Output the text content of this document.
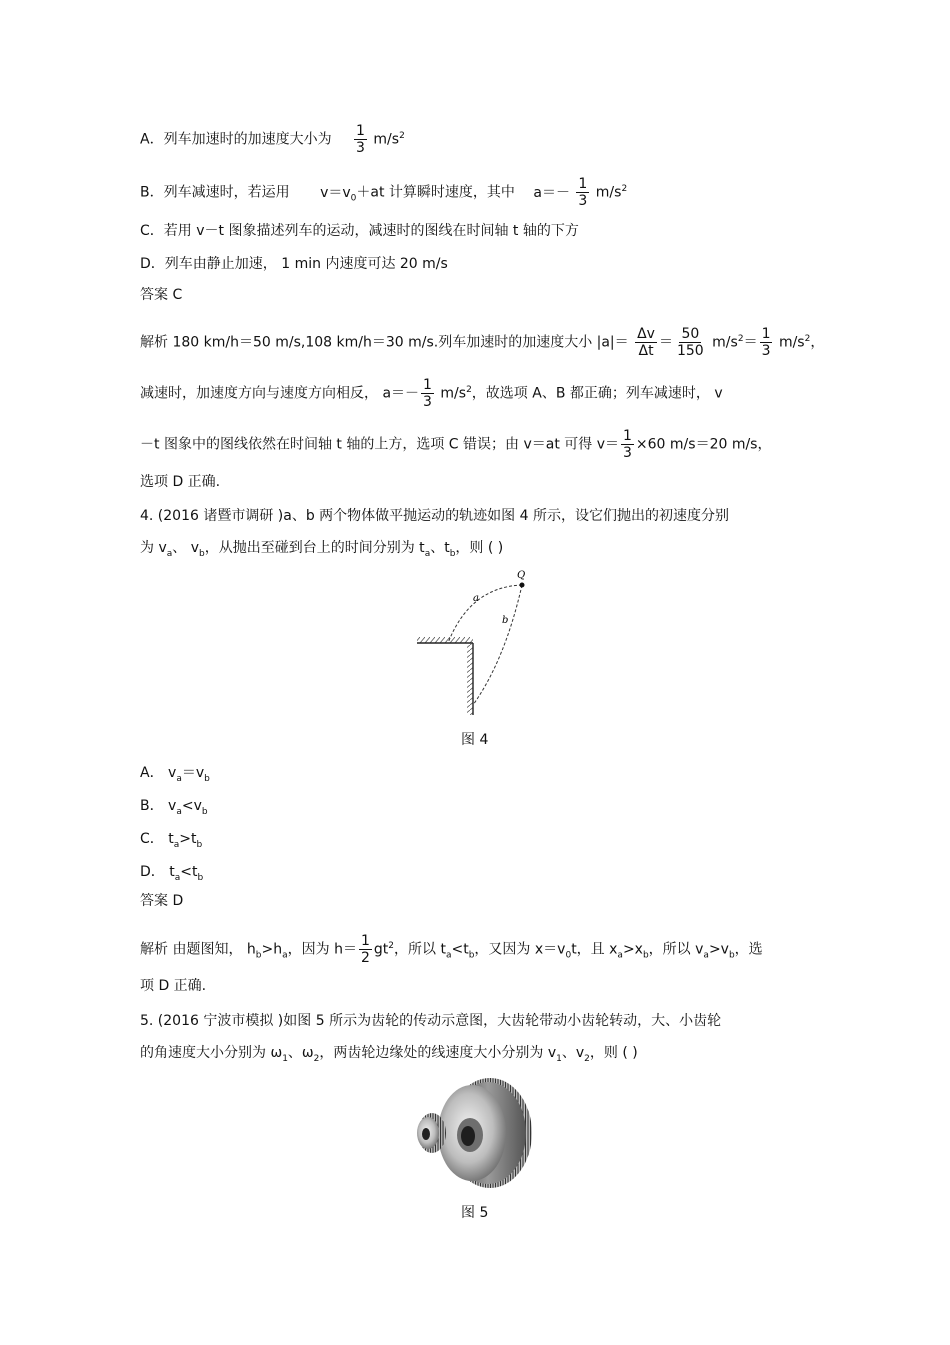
A．列车加速时的加速度大小为 $\frac{1}{3} m/s^2$
B．列车减速时，若运用 $v=v_0+at$ 计算瞬时速度，其中 $a=- \frac{1}{3} m/s^2$
C．若用 v－t 图象描述列车的运动，减速时的图线在时间轴 t 轴的下方
D．列车由静止加速， 1 min 内速度可达 20 m/s
答案 C
解析 180 km/h＝50 m/s,108 km/h＝30 m/s.列车加速时的加速度大小 $|a|= \frac{\Delta v}{\Delta t} = \frac{50}{150} m/s^2= \frac{1}{3} m/s^2$，
减速时，加速度方向与速度方向相反， $a=- \frac{1}{3} m/s^2$，故选项 A、B 都正确；列车减速时， v
－t 图象中的图线依然在时间轴 t 轴的上方，选项 C 错误；由 v＝at 可得 $v= \frac{1}{3} \times 60$ m/s＝20 m/s，
选项 D 正确.
4. (2016 诸暨市调研 )a、b 两个物体做平抛运动的轨迹如图 4 所示，设它们抛出的初速度分别
为 $v_a$、 $v_b$，从抛出至碰到台上的时间分别为 $t_a$、$t_b$，则 ( )
Q
a
b
图 4
A． $v_a=v_b$
B． $v_a<v_b$
C． $t_a>t_b$
D． $t_a<t_b$
答案 D
解析 由题图知， $h_b>h_a$，因为 $h= \frac{1}{2} gt^2$，所以 $t_a<t_b$，又因为 $x=v_0t$，且 $x_a>x_b$，所以 $v_a>v_b$，选
项 D 正确.
5. (2016 宁波市模拟 )如图 5 所示为齿轮的传动示意图，大齿轮带动小齿轮转动，大、小齿轮
的角速度大小分别为 $\omega_1$、$\omega_2$，两齿轮边缘处的线速度大小分别为 $v_1$、$v_2$，则 ( )
图 5
